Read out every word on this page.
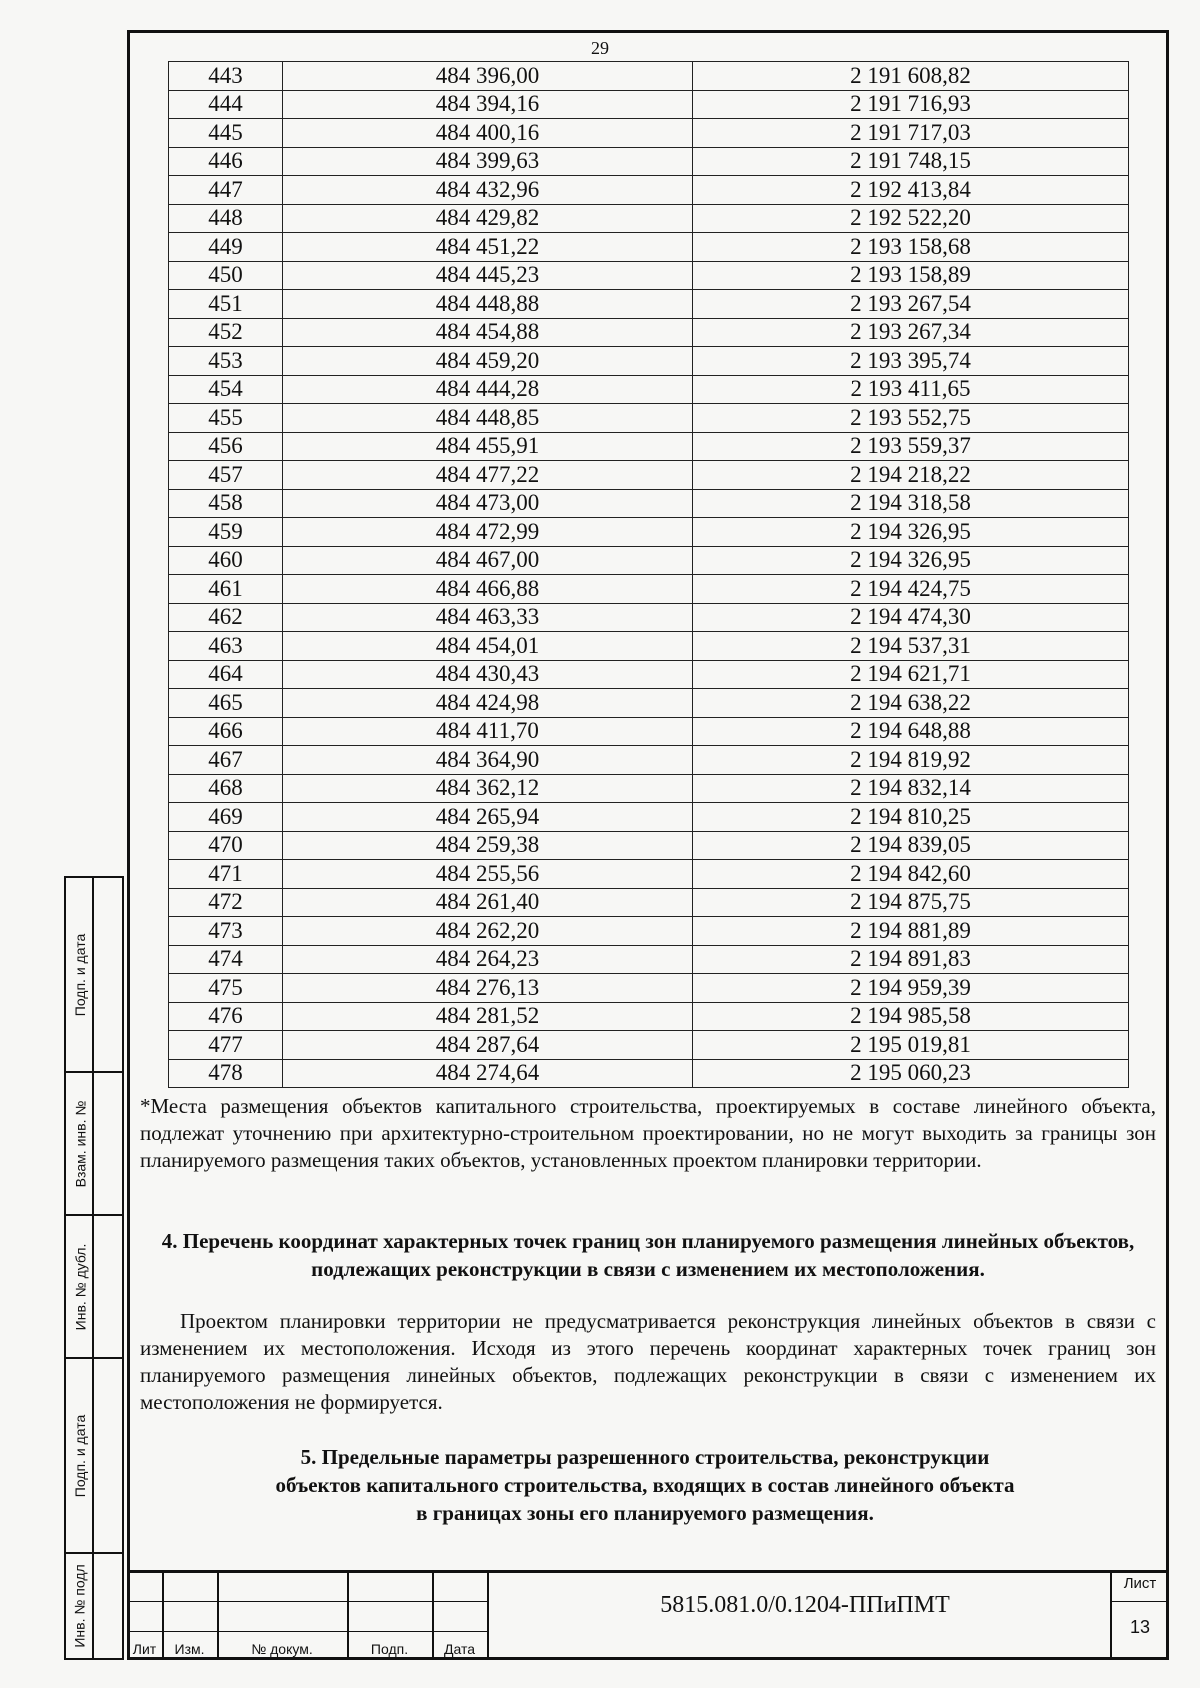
29
443	484 396,00	2 191 608,82
444	484 394,16	2 191 716,93
445	484 400,16	2 191 717,03
446	484 399,63	2 191 748,15
447	484 432,96	2 192 413,84
448	484 429,82	2 192 522,20
449	484 451,22	2 193 158,68
450	484 445,23	2 193 158,89
451	484 448,88	2 193 267,54
452	484 454,88	2 193 267,34
453	484 459,20	2 193 395,74
454	484 444,28	2 193 411,65
455	484 448,85	2 193 552,75
456	484 455,91	2 193 559,37
457	484 477,22	2 194 218,22
458	484 473,00	2 194 318,58
459	484 472,99	2 194 326,95
460	484 467,00	2 194 326,95
461	484 466,88	2 194 424,75
462	484 463,33	2 194 474,30
463	484 454,01	2 194 537,31
464	484 430,43	2 194 621,71
465	484 424,98	2 194 638,22
466	484 411,70	2 194 648,88
467	484 364,90	2 194 819,92
468	484 362,12	2 194 832,14
469	484 265,94	2 194 810,25
470	484 259,38	2 194 839,05
471	484 255,56	2 194 842,60
472	484 261,40	2 194 875,75
473	484 262,20	2 194 881,89
474	484 264,23	2 194 891,83
475	484 276,13	2 194 959,39
476	484 281,52	2 194 985,58
477	484 287,64	2 195 019,81
478	484 274,64	2 195 060,23
*Места размещения объектов капитального строительства, проектируемых в составе линейного объекта, подлежат уточнению при архитектурно-строительном проектировании, но не могут выходить за границы зон планируемого размещения таких объектов, установленных проектом планировки территории.
4. Перечень координат характерных точек границ зон планируемого размещения линейных объектов, подлежащих реконструкции в связи с изменением их местоположения.
Проектом планировки территории не предусматривается реконструкция линейных объектов в связи с изменением их местоположения. Исходя из этого перечень координат характерных точек границ зон планируемого размещения линейных объектов, подлежащих реконструкции в связи с изменением их местоположения не формируется.
5. Предельные параметры разрешенного строительства, реконструкции
объектов капитального строительства, входящих в состав линейного объекта
в границах зоны его планируемого размещения.
Подп. и дата
Взам. инв. №
Инв. № дубл.
Подп. и дата
Инв. № подл
Лит	Изм.	№ докум.	Подп.	Дата
5815.081.0/0.1204-ППиПМТ
Лист
13
